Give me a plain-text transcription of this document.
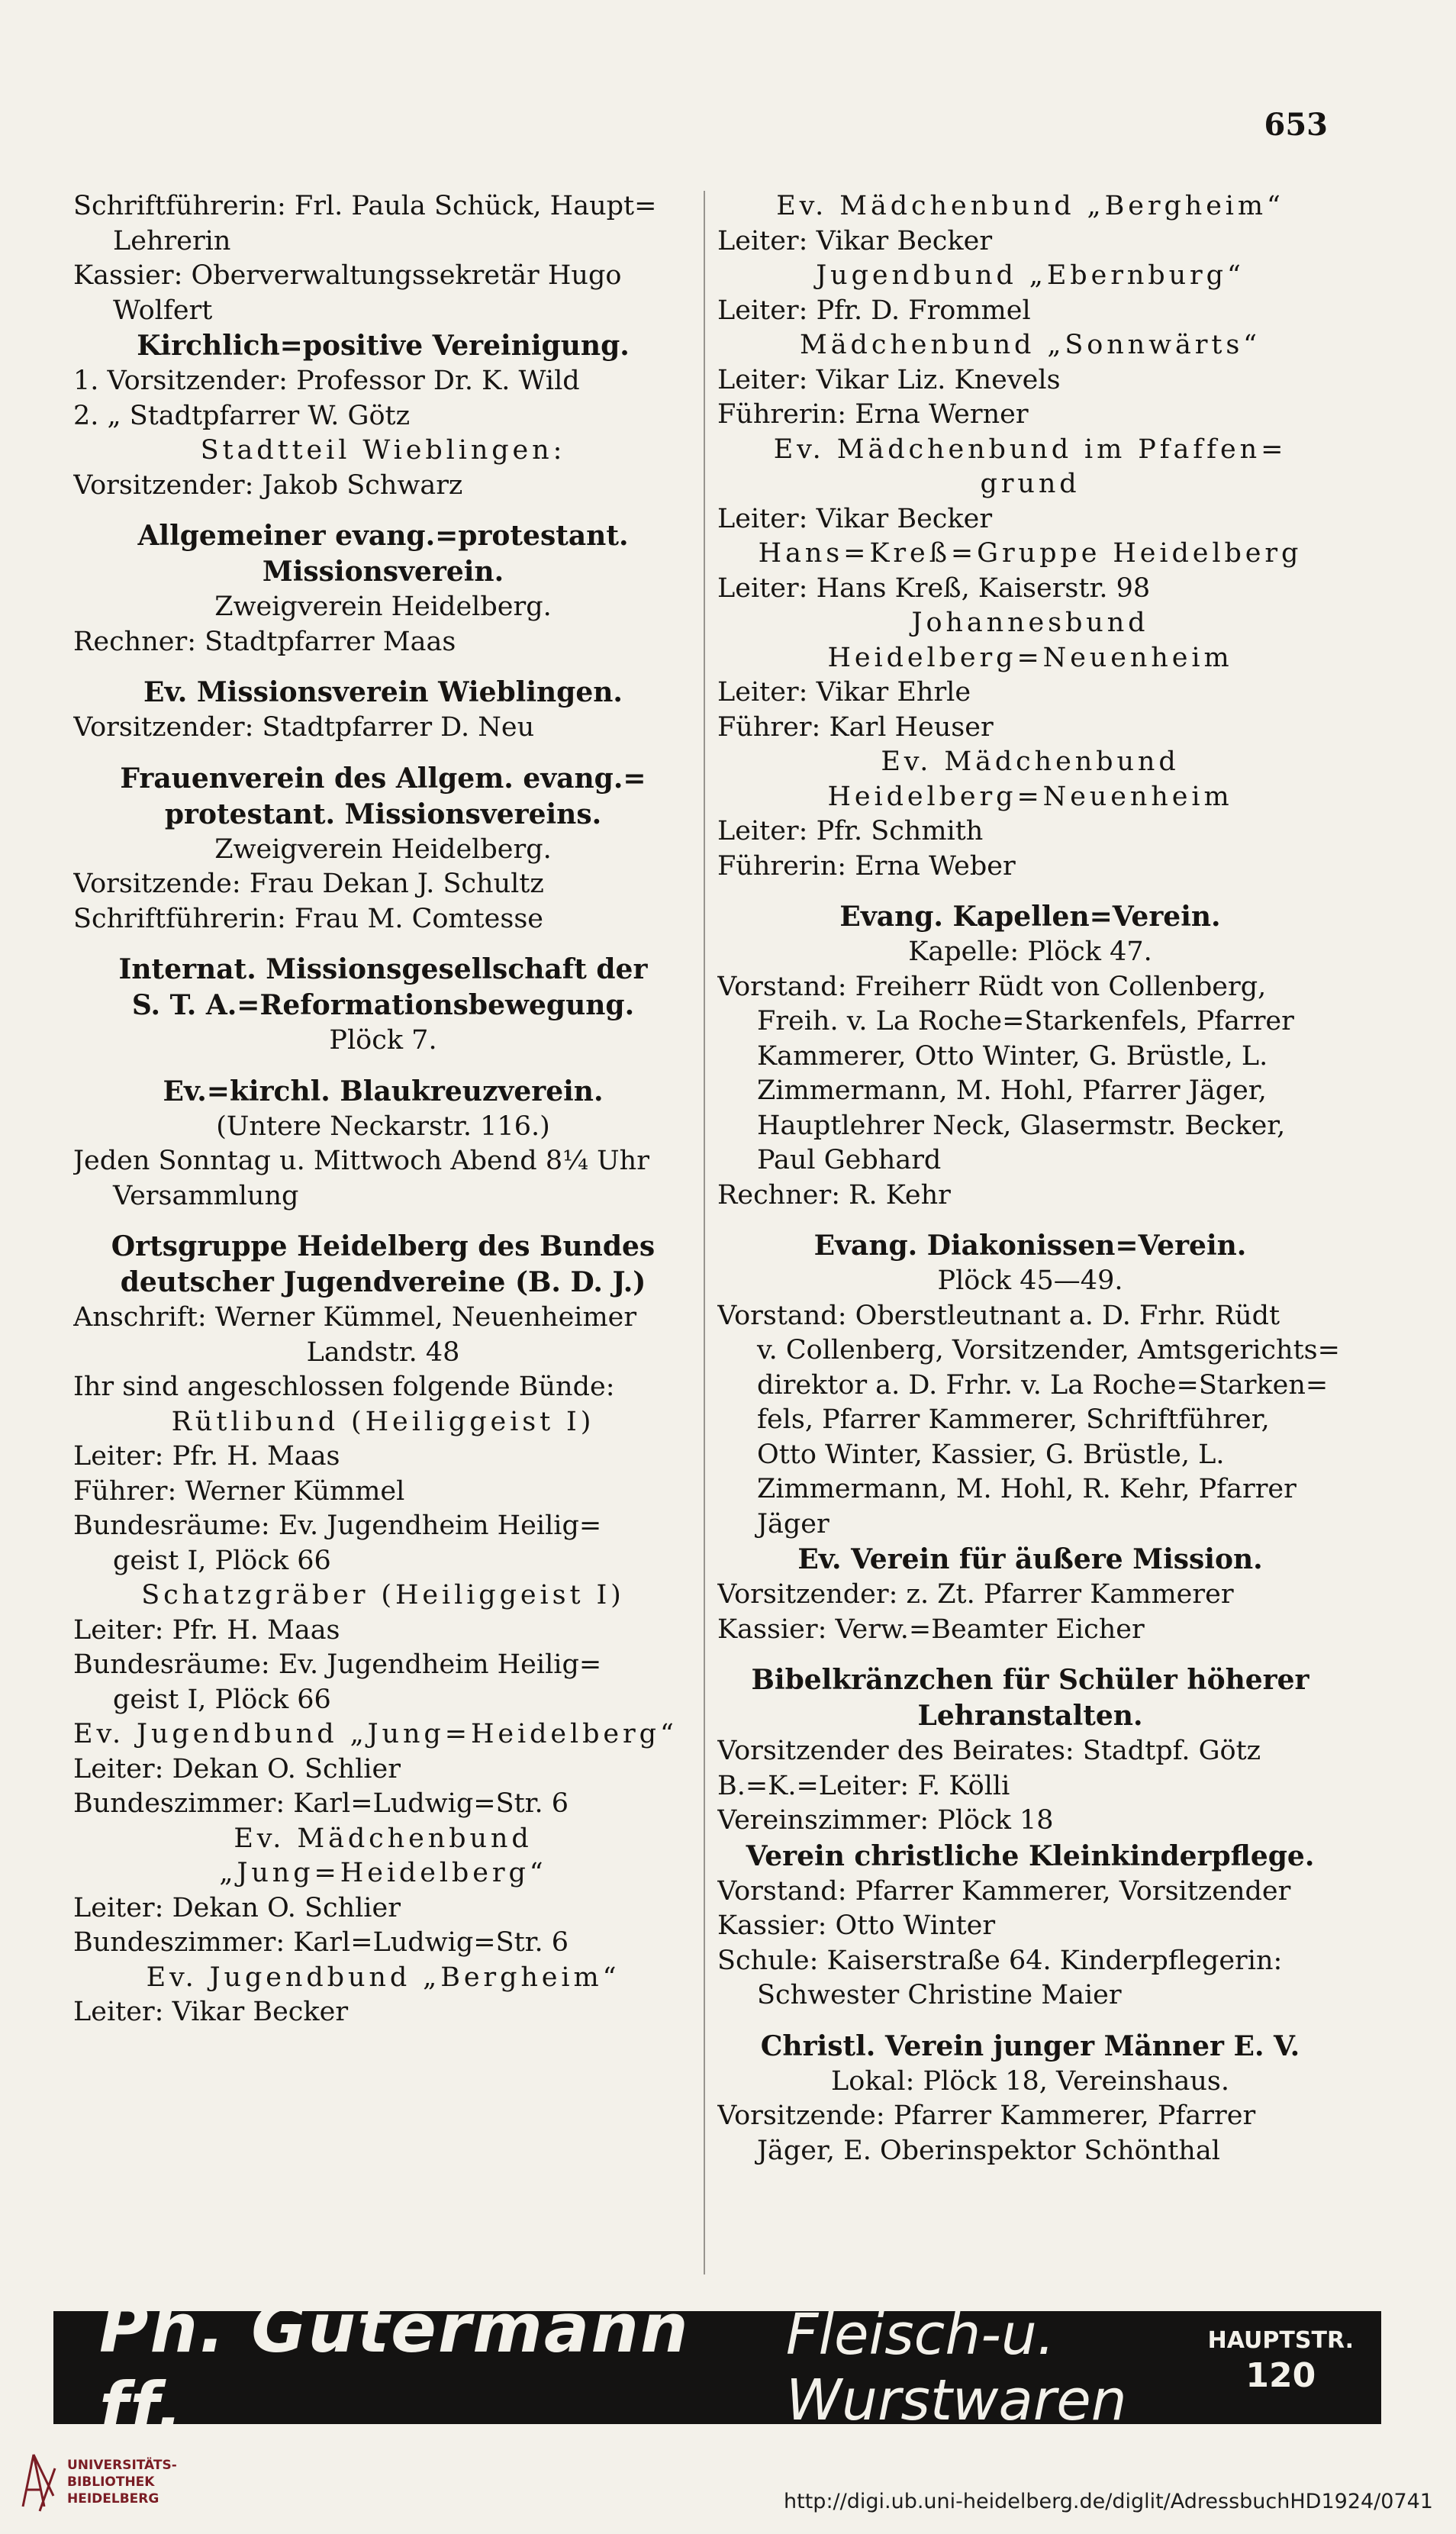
653
Schriftführerin: Frl. Paula Schück, Haupt=
Lehrerin
Kassier: Oberverwaltungssekretär Hugo
Wolfert
Kirchlich=positive Vereinigung.
1. Vorsitzender: Professor Dr. K. Wild
2. „ Stadtpfarrer W. Götz
Stadtteil Wieblingen:
Vorsitzender: Jakob Schwarz
Allgemeiner evang.=protestant.
Missionsverein.
Zweigverein Heidelberg.
Rechner: Stadtpfarrer Maas
Ev. Missionsverein Wieblingen.
Vorsitzender: Stadtpfarrer D. Neu
Frauenverein des Allgem. evang.=
protestant. Missionsvereins.
Zweigverein Heidelberg.
Vorsitzende: Frau Dekan J. Schultz
Schriftführerin: Frau M. Comtesse
Internat. Missionsgesellschaft der
S. T. A.=Reformationsbewegung.
Plöck 7.
Ev.=kirchl. Blaukreuzverein.
(Untere Neckarstr. 116.)
Jeden Sonntag u. Mittwoch Abend 8¼ Uhr
Versammlung
Ortsgruppe Heidelberg des Bundes
deutscher Jugendvereine (B. D. J.)
Anschrift: Werner Kümmel, Neuenheimer
Landstr. 48
Ihr sind angeschlossen folgende Bünde:
Rütlibund (Heiliggeist I)
Leiter: Pfr. H. Maas
Führer: Werner Kümmel
Bundesräume: Ev. Jugendheim Heilig=
geist I, Plöck 66
Schatzgräber (Heiliggeist I)
Leiter: Pfr. H. Maas
Bundesräume: Ev. Jugendheim Heilig=
geist I, Plöck 66
Ev. Jugendbund „Jung=Heidelberg“
Leiter: Dekan O. Schlier
Bundeszimmer: Karl=Ludwig=Str. 6
Ev. Mädchenbund
„Jung=Heidelberg“
Leiter: Dekan O. Schlier
Bundeszimmer: Karl=Ludwig=Str. 6
Ev. Jugendbund „Bergheim“
Leiter: Vikar Becker
Ev. Mädchenbund „Bergheim“
Leiter: Vikar Becker
Jugendbund „Ebernburg“
Leiter: Pfr. D. Frommel
Mädchenbund „Sonnwärts“
Leiter: Vikar Liz. Knevels
Führerin: Erna Werner
Ev. Mädchenbund im Pfaffen=
grund
Leiter: Vikar Becker
Hans=Kreß=Gruppe Heidelberg
Leiter: Hans Kreß, Kaiserstr. 98
Johannesbund
Heidelberg=Neuenheim
Leiter: Vikar Ehrle
Führer: Karl Heuser
Ev. Mädchenbund
Heidelberg=Neuenheim
Leiter: Pfr. Schmith
Führerin: Erna Weber
Evang. Kapellen=Verein.
Kapelle: Plöck 47.
Vorstand: Freiherr Rüdt von Collenberg,
Freih. v. La Roche=Starkenfels, Pfarrer
Kammerer, Otto Winter, G. Brüstle, L.
Zimmermann, M. Hohl, Pfarrer Jäger,
Hauptlehrer Neck, Glasermstr. Becker,
Paul Gebhard
Rechner: R. Kehr
Evang. Diakonissen=Verein.
Plöck 45—49.
Vorstand: Oberstleutnant a. D. Frhr. Rüdt
v. Collenberg, Vorsitzender, Amtsgerichts=
direktor a. D. Frhr. v. La Roche=Starken=
fels, Pfarrer Kammerer, Schriftführer,
Otto Winter, Kassier, G. Brüstle, L.
Zimmermann, M. Hohl, R. Kehr, Pfarrer
Jäger
Ev. Verein für äußere Mission.
Vorsitzender: z. Zt. Pfarrer Kammerer
Kassier: Verw.=Beamter Eicher
Bibelkränzchen für Schüler höherer
Lehranstalten.
Vorsitzender des Beirates: Stadtpf. Götz
B.=K.=Leiter: F. Kölli
Vereinszimmer: Plöck 18
Verein christliche Kleinkinderpflege.
Vorstand: Pfarrer Kammerer, Vorsitzender
Kassier: Otto Winter
Schule: Kaiserstraße 64. Kinderpflegerin:
Schwester Christine Maier
Christl. Verein junger Männer E. V.
Lokal: Plöck 18, Vereinshaus.
Vorsitzende: Pfarrer Kammerer, Pfarrer
Jäger, E. Oberinspektor Schönthal
Ph. Gutermann ff.
Fleisch-u. Wurstwaren
HAUPTSTR.
120
UNIVERSITÄTS-
BIBLIOTHEK
HEIDELBERG	http://digi.ub.uni-heidelberg.de/diglit/AdressbuchHD1924/0741
